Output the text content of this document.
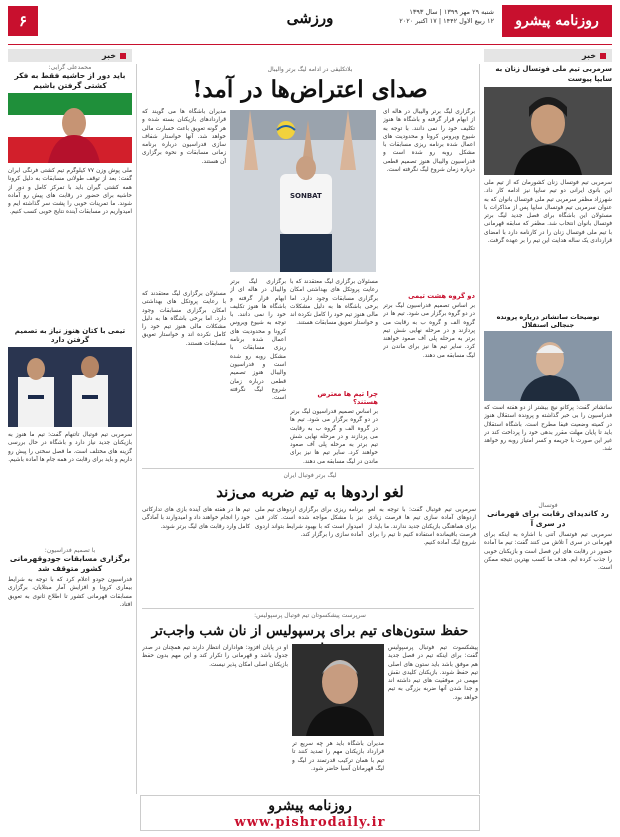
۶	ورزشی	شنبه ۲۹ مهر ۱۳۹۹ | سال ۱۳۹۳
۱۲ ربیع الاول ۱۴۴۲ | ۱۷ اکتبر ۲۰۲۰	روزنامه پیشرو
خبر
خبر
سرمربی تیم ملی فوتسال زنان به سایپا پیوست
سرمربی تیم فوتسال زنان کشورمان که از تیم ملی این بانوی ایرانی دو تیم سایپا نیز ادامه کار داد. شهرزاد مظفر سرمربی تیم ملی فوتسال بانوان که به عنوان سرمربی تیم فوتسال سایپا پس از مذاکرات با مسئولان این باشگاه برای فصل جدید لیگ برتر فوتسال بانوان انتخاب شد. مظفر که سابقه قهرمانی با تیم ملی فوتسال زنان را در کارنامه دارد با امضای قراردادی یک ساله هدایت این تیم را بر عهده گرفت.
توضیحات ساتشاتر درباره پرونده جنجالی استقلال
ساتشاتر گفت: پرکانو نیچ بیشتر از دو هفته است که فدراسیون را بی خبر گذاشته و پرونده استقلال هنوز در کمیته وضعیت فیفا مطرح است. باشگاه استقلال باید تا پایان مهلت مقرر بدهی خود را پرداخت کند در غیر این صورت با جریمه و کسر امتیاز روبه رو خواهد شد.
فوتسال
رد کاندیدای رقابت برای قهرمانی در سری آ
سرمربی تیم فوتسال آتنی با اشاره به اینکه برای قهرمانی در سری آ تلاش می کنند گفت: تیم ما آماده حضور در رقابت های این فصل است و بازیکنان خوبی را جذب کرده ایم. هدف ما کسب بهترین نتیجه ممکن است.
بلاتکلیفی در ادامه لیگ برتر والیبال
صدای اعتراض‌ها در آمد!
SONBAT
برگزاری لیگ برتر والیبال در هاله ای از ابهام قرار گرفته و باشگاه ها هنوز تکلیف خود را نمی دانند. با توجه به شیوع ویروس کرونا و محدودیت های اعمال شده برنامه ریزی مسابقات با مشکل روبه رو شده است و فدراسیون والیبال هنوز تصمیم قطعی درباره زمان شروع لیگ نگرفته است.
دو گروه هشت تیمی
بر اساس تصمیم فدراسیون لیگ برتر در دو گروه برگزار می شود. تیم ها در گروه الف و گروه ب به رقابت می پردازند و در مرحله نهایی شش تیم برتر به مرحله پلی آف صعود خواهند کرد. سایر تیم ها نیز برای ماندن در لیگ مسابقه می دهند.
مدیران باشگاه ها می گویند که قراردادهای بازیکنان بسته شده و هر گونه تعویق باعث خسارت مالی خواهد شد. آنها خواستار شفاف سازی فدراسیون درباره برنامه زمانی مسابقات و نحوه برگزاری آن هستند.
مسئولان برگزاری لیگ معتقدند که با رعایت پروتکل های بهداشتی امکان برگزاری مسابقات وجود دارد. اما برخی باشگاه ها به دلیل مشکلات مالی هنوز تیم خود را کامل نکرده اند و خواستار تعویق مسابقات هستند.
چرا تیم ها معترض هستند؟
بر اساس تصمیم فدراسیون لیگ برتر در دو گروه برگزار می شود. تیم ها در گروه الف و گروه ب به رقابت می پردازند و در مرحله نهایی شش تیم برتر به مرحله پلی آف صعود خواهند کرد. سایر تیم ها نیز برای ماندن در لیگ مسابقه می دهند.
برگزاری لیگ برتر والیبال در هاله ای از ابهام قرار گرفته و باشگاه ها هنوز تکلیف خود را نمی دانند. با توجه به شیوع ویروس کرونا و محدودیت های اعمال شده برنامه ریزی مسابقات با مشکل روبه رو شده است و فدراسیون والیبال هنوز تصمیم قطعی درباره زمان شروع لیگ نگرفته است.
مسئولان برگزاری لیگ معتقدند که با رعایت پروتکل های بهداشتی امکان برگزاری مسابقات وجود دارد. اما برخی باشگاه ها به دلیل مشکلات مالی هنوز تیم خود را کامل نکرده اند و خواستار تعویق مسابقات هستند.
لیگ برتر فوتبال ایران
لغو اردوها به تیم ضربه می‌زند
سرمربی تیم فوتبال گفت: با توجه به لغو اردوهای آماده سازی تیم ها فرصت زیادی برای هماهنگی بازیکنان جدید ندارند. ما باید از فرصت باقیمانده استفاده کنیم تا تیم را برای شروع لیگ آماده کنیم.
برنامه ریزی برای برگزاری اردوهای تیم ملی نیز با مشکل مواجه شده است. کادر فنی امیدوار است که با بهبود شرایط بتواند اردوی آماده سازی را برگزار کند.
تیم ها در هفته های آینده بازی های تدارکاتی خود را انجام خواهند داد و امیدوارند با آمادگی کامل وارد رقابت های لیگ برتر شوند.
سرپرست پیشکسوتان تیم فوتبال پرسپولیس:
حفظ ستون‌های تیم برای پرسپولیس از نان شب واجب‌تر
پیشکسوت تیم فوتبال پرسپولیس گفت: برای اینکه تیم در فصل جدید هم موفق باشد باید ستون های اصلی تیم حفظ شوند. بازیکنان کلیدی نقش مهمی در موفقیت های تیم داشته اند و جدا شدن آنها ضربه بزرگی به تیم خواهد بود.
مدیران باشگاه باید هر چه سریع تر قرارداد بازیکنان مهم را تمدید کنند تا تیم با همان ترکیب قدرتمند در لیگ و لیگ قهرمانان آسیا حاضر شود.
او در پایان افزود: هواداران انتظار دارند تیم همچنان در صدر جدول باشد و قهرمانی را تکرار کند و این مهم بدون حفظ بازیکنان اصلی امکان پذیر نیست.
محمدعلی گرایی:
باید دور از حاشیه فقط به فکر کشتی گرفتن باشیم
ملی پوش وزن ۷۷ کیلوگرم تیم کشتی فرنگی ایران گفت: بعد از توقف طولانی مسابقات به دلیل کرونا همه کشتی گیران باید با تمرکز کامل و دور از حاشیه برای حضور در رقابت های پیش رو آماده شوند. ما تمرینات خوبی را پشت سر گذاشته ایم و امیدواریم در مسابقات آینده نتایج خوبی کسب کنیم.
تیمی با کتان هنوز نیاز به تصمیم گرفتن دارد
سرمربی تیم فوتبال تاتنهام گفت: تیم ما هنوز به بازیکنان جدید نیاز دارد و باشگاه در حال بررسی گزینه های مختلف است. ما فصل سختی را پیش رو داریم و باید برای رقابت در همه جام ها آماده باشیم.
با تصمیم فدراسیون:
برگزاری مسابقات جودوقهرمانی کشور متوقف شد
فدراسیون جودو اعلام کرد که با توجه به شرایط بیماری کرونا و افزایش آمار مبتلایان، برگزاری مسابقات قهرمانی کشور تا اطلاع ثانوی به تعویق افتاد.
روزنامه پیشرو
www.pishrodaily.ir
